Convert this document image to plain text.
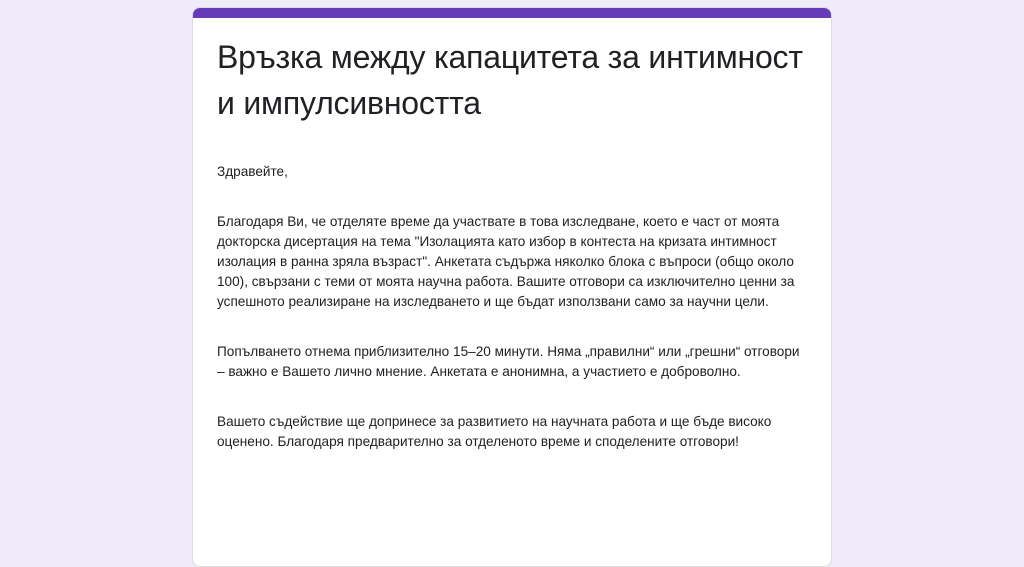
Връзка между капацитета за интимност и импулсивността

Здравейте,

Благодаря Ви, че отделяте време да участвате в това изследване, което е част от моята докторска дисертация на тема "Изолацията като избор в контеста на кризата интимност изолация в ранна зряла възраст". Анкетата съдържа няколко блока с въпроси (общо около 100), свързани с теми от моята научна работа. Вашите отговори са изключително ценни за успешното реализиране на изследването и ще бъдат използвани само за научни цели.

Попълването отнема приблизително 15–20 минути. Няма „правилни“ или „грешни“ отговори – важно е Вашето лично мнение. Анкетата е анонимна, а участието е доброволно.

Вашето съдействие ще допринесе за развитието на научната работа и ще бъде високо оценено. Благодаря предварително за отделеното време и споделените отговори!
